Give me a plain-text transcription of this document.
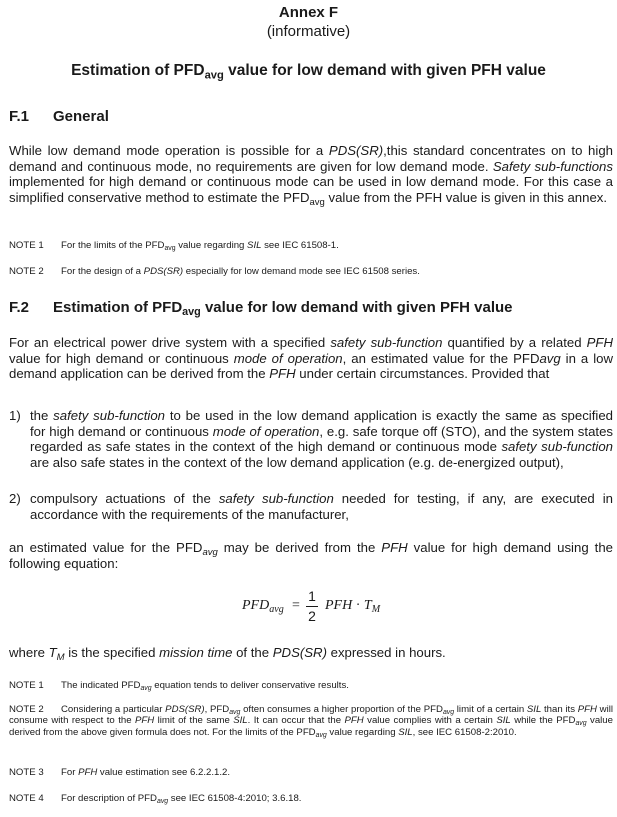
Annex F
(informative)
Estimation of $PFD_{avg}$ value for low demand with given PFH value
F.1 General
While low demand mode operation is possible for a PDS(SR),this standard concentrates on to high demand and continuous mode, no requirements are given for low demand mode. Safety sub-functions implemented for high demand or continuous mode can be used in low demand mode. For this case a simplified conservative method to estimate the $PFD_{avg}$ value from the PFH value is given in this annex.
NOTE 1 For the limits of the $PFD_{avg}$ value regarding SIL see IEC 61508-1.
NOTE 2 For the design of a PDS(SR) especially for low demand mode see IEC 61508 series.
F.2 Estimation of $PFD_{avg}$ value for low demand with given PFH value
For an electrical power drive system with a specified safety sub-function quantified by a related PFH value for high demand or continuous mode of operation, an estimated value for the PFDavg in a low demand application can be derived from the PFH under certain circumstances. Provided that
1) the safety sub-function to be used in the low demand application is exactly the same as specified for high demand or continuous mode of operation, e.g. safe torque off (STO), and the system states regarded as safe states in the context of the high demand or continuous mode safety sub-function are also safe states in the context of the low demand application (e.g. de-energized output),
2) compulsory actuations of the safety sub-function needed for testing, if any, are executed in accordance with the requirements of the manufacturer,
an estimated value for the $PFD_{avg}$ may be derived from the PFH value for high demand using the following equation:
$PFD_{avg}$ =
1
2
PFH · $T_M$
where $T_M$ is the specified mission time of the PDS(SR) expressed in hours.
NOTE 1 The indicated $PFD_{avg}$ equation tends to deliver conservative results.
NOTE 2 Considering a particular PDS(SR), $PFD_{avg}$ often consumes a higher proportion of the $PFD_{avg}$ limit of a certain SIL than its PFH will consume with respect to the PFH limit of the same SIL. It can occur that the PFH value complies with a certain SIL while the $PFD_{avg}$ value derived from the above given formula does not. For the limits of the $PFD_{avg}$ value regarding SIL, see IEC 61508-2:2010.
NOTE 3 For PFH value estimation see 6.2.2.1.2.
NOTE 4 For description of $PFD_{avg}$ see IEC 61508-4:2010; 3.6.18.
